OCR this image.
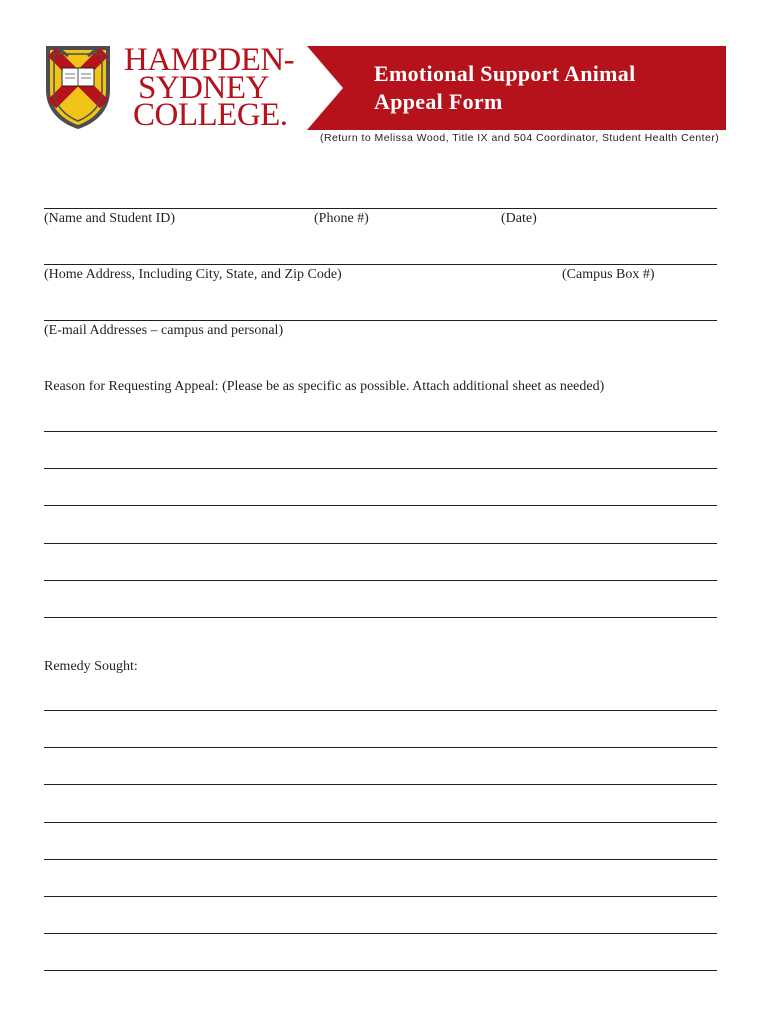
HAMPDEN-
SYDNEY
COLLEGE.
Emotional Support Animal
Appeal Form
(Return to Melissa Wood, Title IX and 504 Coordinator, Student Health Center)
(Name and Student ID)	(Phone #)	(Date)
(Home Address, Including City, State, and Zip Code)	(Campus Box #)
(E-mail Addresses – campus and personal)
Reason for Requesting Appeal: (Please be as specific as possible. Attach additional sheet as needed)
Remedy Sought:
